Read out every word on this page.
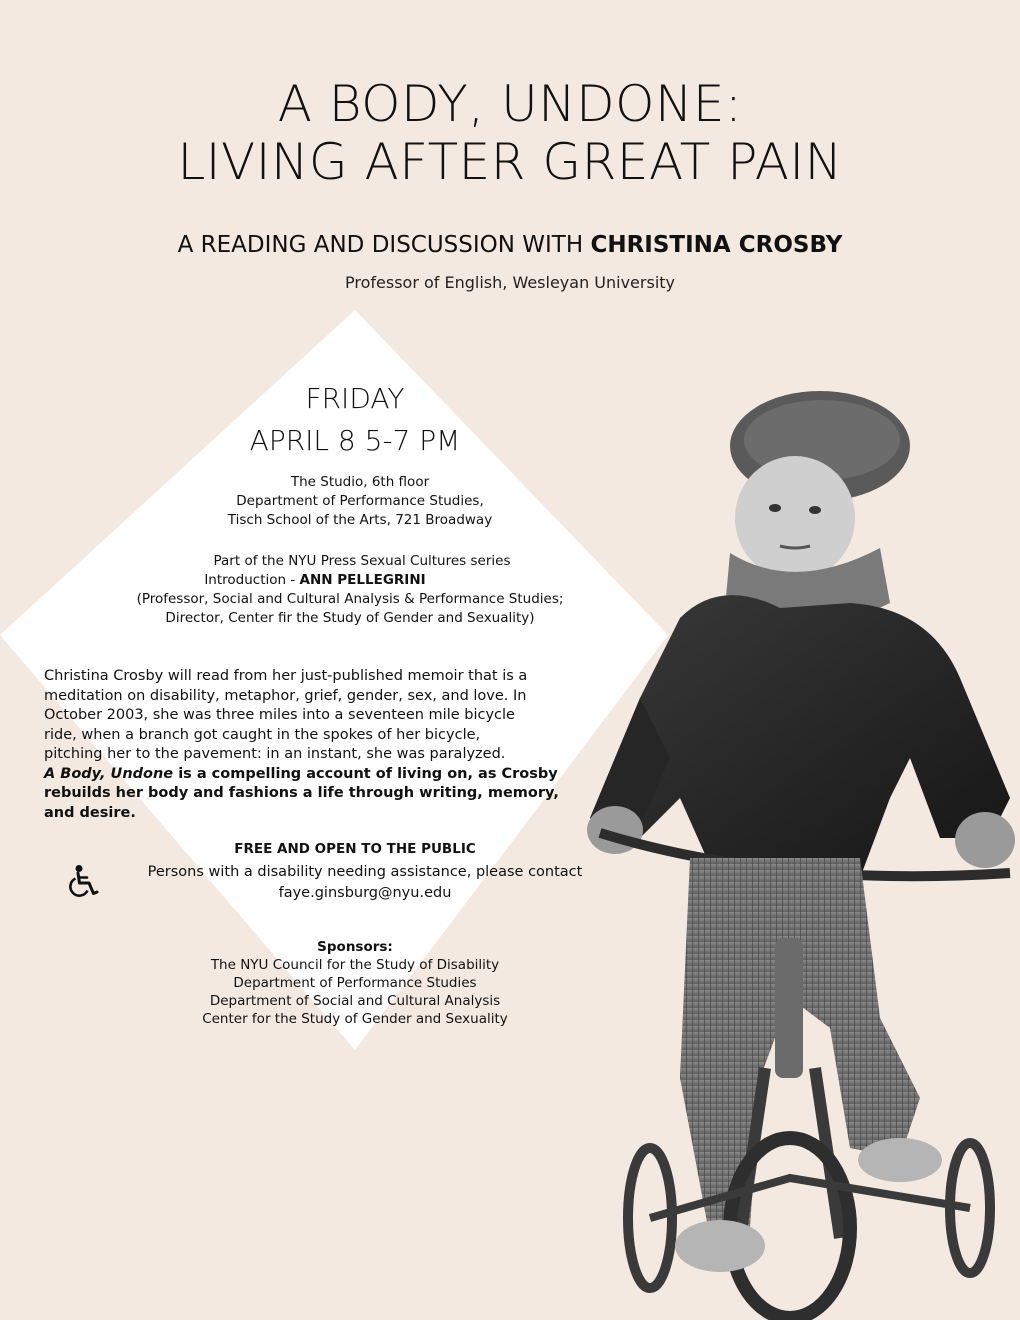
A BODY, UNDONE:
LIVING AFTER GREAT PAIN
A READING AND DISCUSSION WITH CHRISTINA CROSBY
Professor of English, Wesleyan University
FRIDAY
APRIL 8 5-7 PM
The Studio, 6th floor
Department of Performance Studies,
Tisch School of the Arts, 721 Broadway
Part of the NYU Press Sexual Cultures series
Introduction - ANN PELLEGRINI
(Professor, Social and Cultural Analysis & Performance Studies;
Director, Center fir the Study of Gender and Sexuality)
Christina Crosby will read from her just-published memoir that is a
meditation on disability, metaphor, grief, gender, sex, and love. In
October 2003, she was three miles into a seventeen mile bicycle
ride, when a branch got caught in the spokes of her bicycle,
pitching her to the pavement: in an instant, she was paralyzed.
A Body, Undone is a compelling account of living on, as Crosby
rebuilds her body and fashions a life through writing, memory,
and desire.
FREE AND OPEN TO THE PUBLIC
Persons with a disability needing assistance, please contact
faye.ginsburg@nyu.edu
Sponsors:
The NYU Council for the Study of Disability
Department of Performance Studies
Department of Social and Cultural Analysis
Center for the Study of Gender and Sexuality
